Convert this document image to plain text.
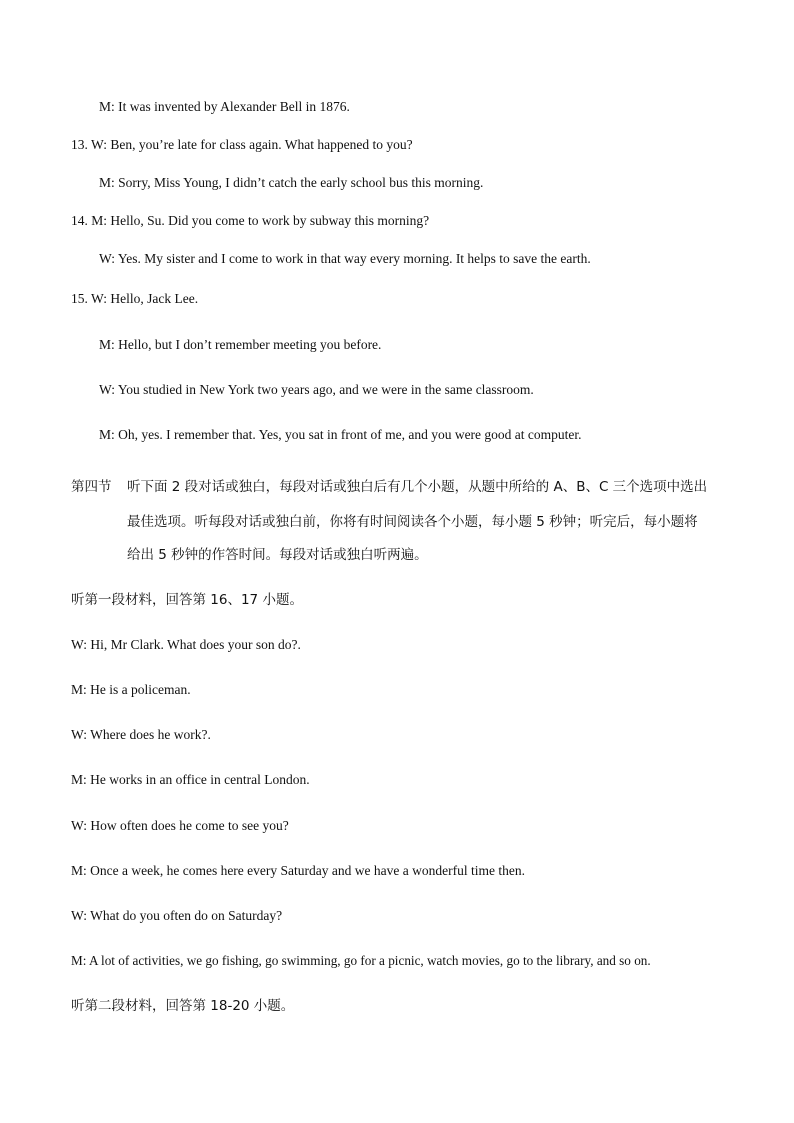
M: It was invented by Alexander Bell in 1876.
13. W: Ben, you’re late for class again. What happened to you?
M: Sorry, Miss Young, I didn’t catch the early school bus this morning.
14. M: Hello, Su. Did you come to work by subway this morning?
W: Yes. My sister and I come to work in that way every morning. It helps to save the earth.
15. W: Hello, Jack Lee.
M: Hello, but I don’t remember meeting you before.
W: You studied in New York two years ago, and we were in the same classroom.
M: Oh, yes. I remember that. Yes, you sat in front of me, and you were good at computer.
第四节 听下面 2 段对话或独白，每段对话或独白后有几个小题，从题中所给的 A、B、C 三个选项中选出
最佳选项。听每段对话或独白前，你将有时间阅读各个小题，每小题 5 秒钟；听完后，每小题将
给出 5 秒钟的作答时间。每段对话或独白听两遍。
听第一段材料，回答第 16、17 小题。
W: Hi, Mr Clark. What does your son do?.
M: He is a policeman.
W: Where does he work?.
M: He works in an office in central London.
W: How often does he come to see you?
M: Once a week, he comes here every Saturday and we have a wonderful time then.
W: What do you often do on Saturday?
M: A lot of activities, we go fishing, go swimming, go for a picnic, watch movies, go to the library, and so on.
听第二段材料，回答第 18-20 小题。
